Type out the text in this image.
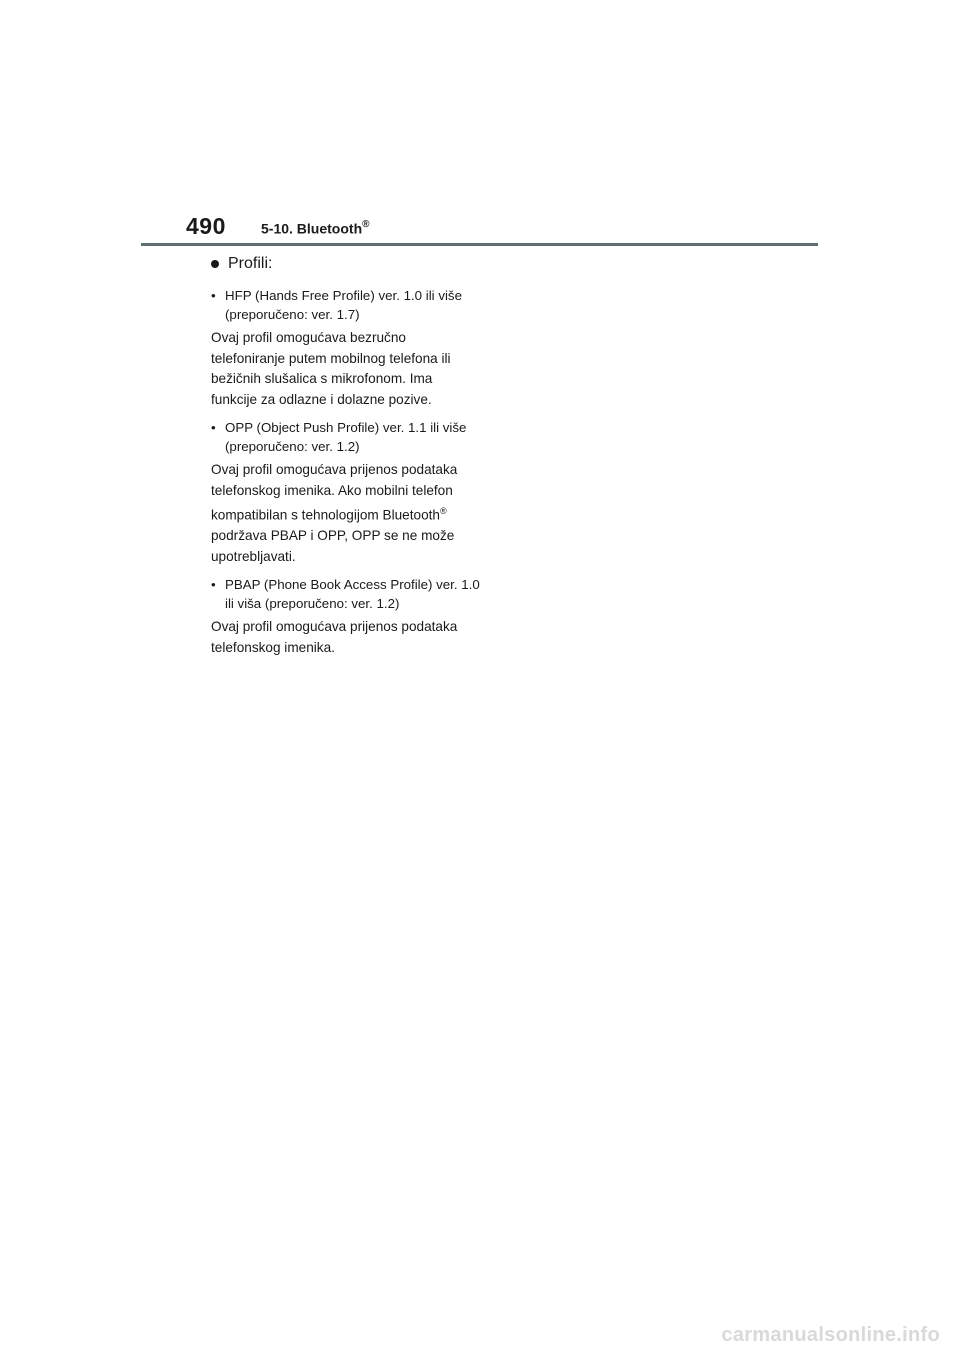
490	5-10. Bluetooth®
Profili:
• HFP (Hands Free Profile) ver. 1.0 ili više (preporučeno: ver. 1.7)
Ovaj profil omogućava bezručno telefoniranje putem mobilnog telefona ili bežičnih slušalica s mikrofonom. Ima funkcije za odlazne i dolazne pozive.
• OPP (Object Push Profile) ver. 1.1 ili više (preporučeno: ver. 1.2)
Ovaj profil omogućava prijenos podataka telefonskog imenika. Ako mobilni telefon kompatibilan s tehnologijom Bluetooth® podržava PBAP i OPP, OPP se ne može upotrebljavati.
• PBAP (Phone Book Access Profile) ver. 1.0 ili viša (preporučeno: ver. 1.2)
Ovaj profil omogućava prijenos podataka telefonskog imenika.
carmanualsonline.info
